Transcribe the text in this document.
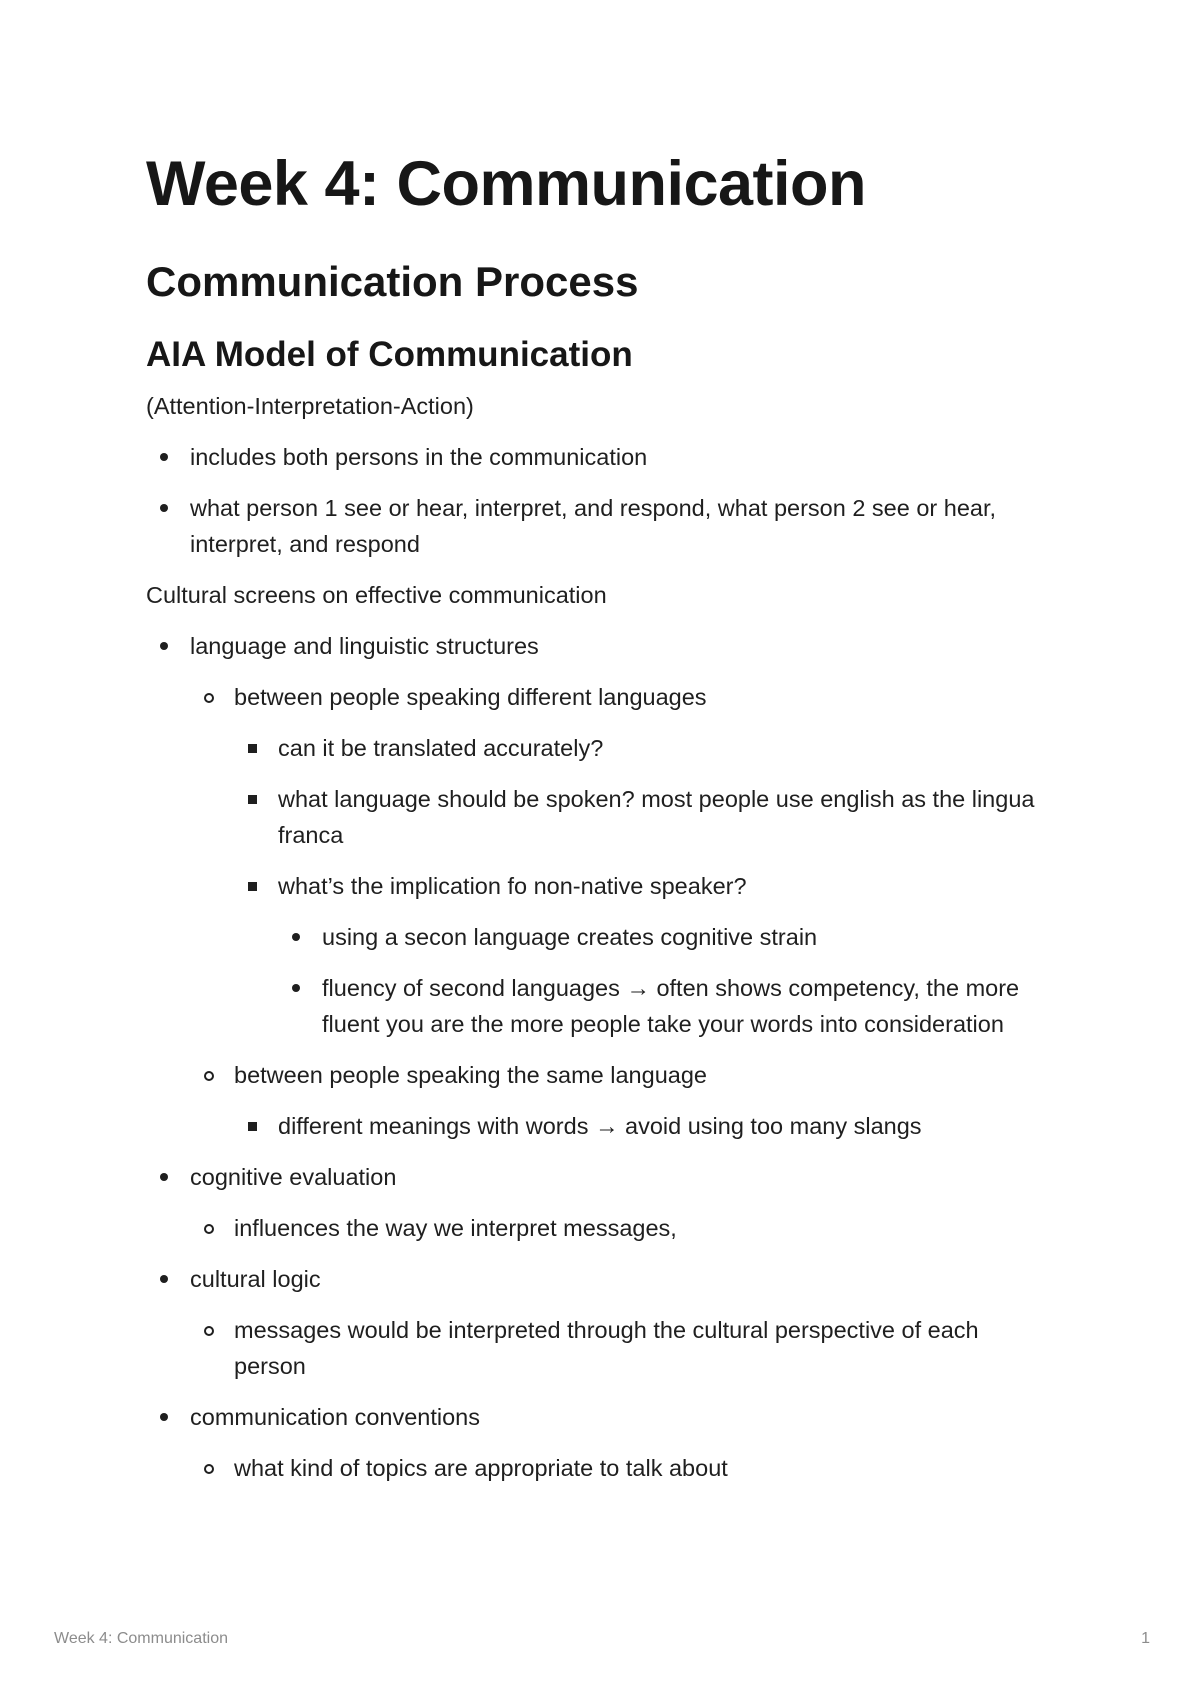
Week 4: Communication
Communication Process
AIA Model of Communication

(Attention-Interpretation-Action)

includes both persons in the communication
what person 1 see or hear, interpret, and respond, what person 2 see or hear, interpret, and respond

Cultural screens on effective communication

language and linguistic structures
between people speaking different languages
can it be translated accurately?
what language should be spoken? most people use english as the lingua franca
what’s the implication fo non-native speaker?
using a secon language creates cognitive strain
fluency of second languages → often shows competency, the more fluent you are the more people take your words into consideration
between people speaking the same language
different meanings with words → avoid using too many slangs
cognitive evaluation
influences the way we interpret messages,
cultural logic
messages would be interpreted through the cultural perspective of each person
communication conventions
what kind of topics are appropriate to talk about
Week 4: Communication	1
